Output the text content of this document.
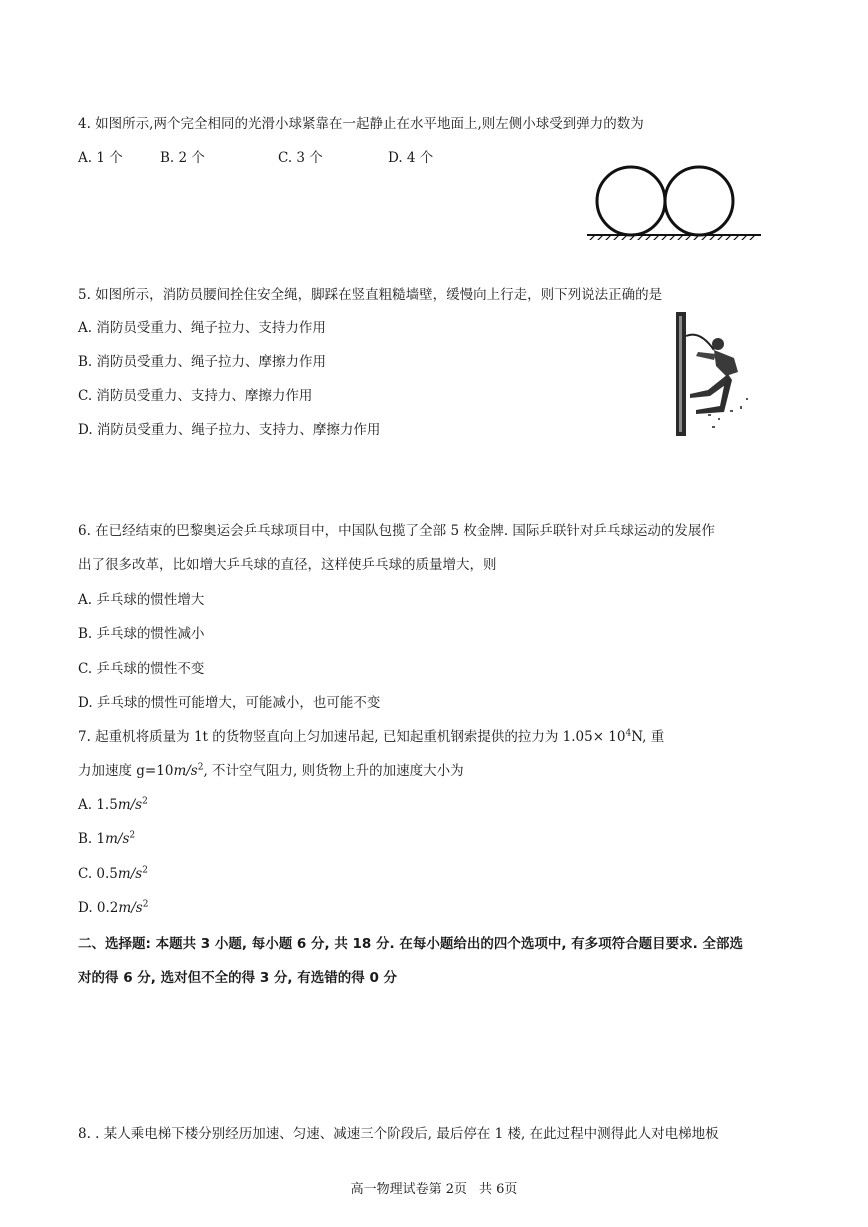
4. 如图所示,两个完全相同的光滑小球紧靠在一起静止在水平地面上,则左侧小球受到弹力的数为
A. 1 个	B. 2 个	C. 3 个	D. 4 个
5. 如图所示，消防员腰间拴住安全绳，脚踩在竖直粗糙墙壁，缓慢向上行走，则下列说法正确的是
A. 消防员受重力、绳子拉力、支持力作用
B. 消防员受重力、绳子拉力、摩擦力作用
C. 消防员受重力、支持力、摩擦力作用
D. 消防员受重力、绳子拉力、支持力、摩擦力作用
6. 在已经结束的巴黎奥运会乒乓球项目中，中国队包揽了全部 5 枚金牌. 国际乒联针对乒乓球运动的发展作
出了很多改革，比如增大乒乓球的直径，这样使乒乓球的质量增大，则
A. 乒乓球的惯性增大
B. 乒乓球的惯性减小
C. 乒乓球的惯性不变
D. 乒乓球的惯性可能增大，可能减小，也可能不变
7. 起重机将质量为 1t 的货物竖直向上匀加速吊起, 已知起重机钢索提供的拉力为 $1.05\times 10^4N$, 重
力加速度 $g=10m/s^2$, 不计空气阻力, 则货物上升的加速度大小为
A. $1.5m/s^2$
B. $1m/s^2$
C. $0.5m/s^2$
D. $0.2m/s^2$
二、选择题: 本题共 3 小题, 每小题 6 分, 共 18 分. 在每小题给出的四个选项中, 有多项符合题目要求. 全部选
对的得 6 分, 选对但不全的得 3 分, 有选错的得 0 分
8. . 某人乘电梯下楼分别经历加速、匀速、减速三个阶段后, 最后停在 1 楼, 在此过程中测得此人对电梯地板
高一物理试卷第 2页 共 6页
